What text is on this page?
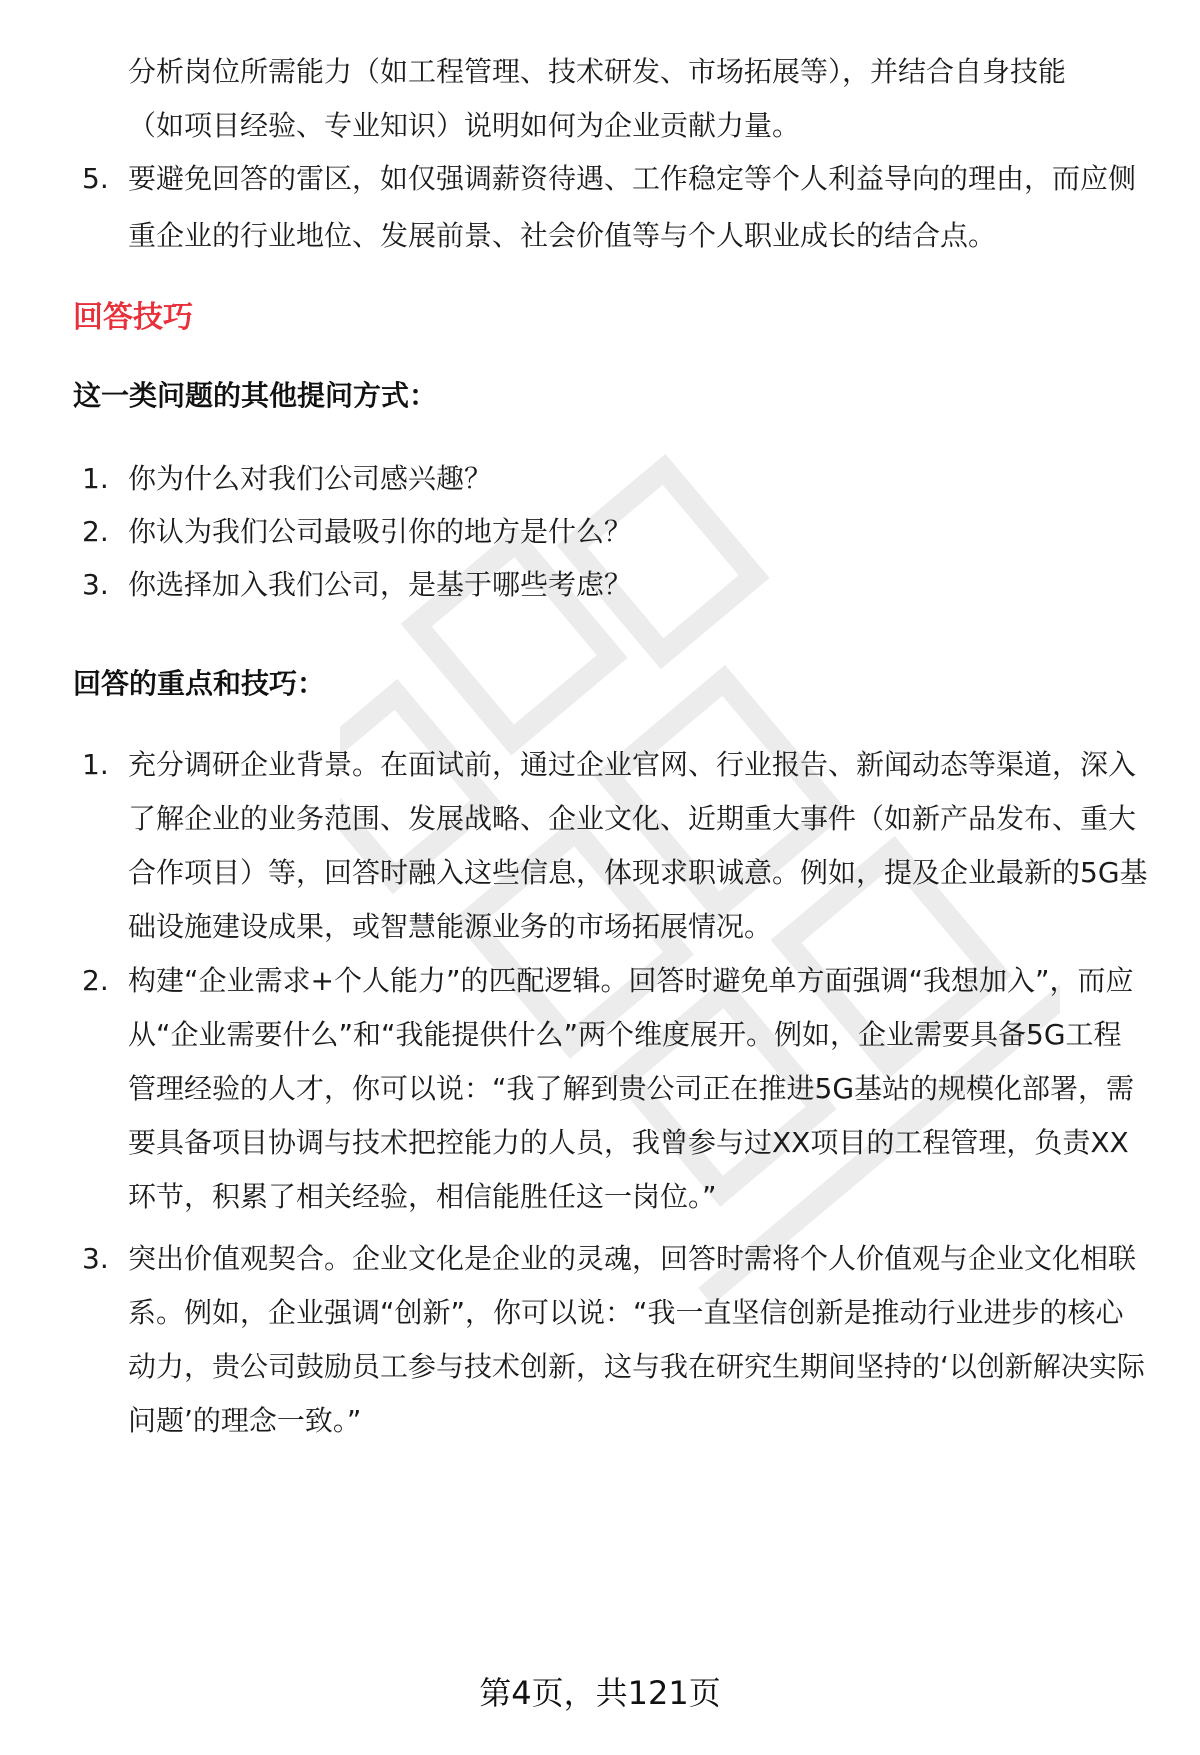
分析岗位所需能力（如工程管理、技术研发、市场拓展等），并结合自身技能
（如项目经验、专业知识）说明如何为企业贡献力量。
5. 要避免回答的雷区，如仅强调薪资待遇、工作稳定等个人利益导向的理由，而应侧重企业的行业地位、发展前景、社会价值等与个人职业成长的结合点。
回答技巧
这一类问题的其他提问方式：
1. 你为什么对我们公司感兴趣？
2. 你认为我们公司最吸引你的地方是什么？
3. 你选择加入我们公司，是基于哪些考虑？
回答的重点和技巧：
1. 充分调研企业背景。在面试前，通过企业官网、行业报告、新闻动态等渠道，深入了解企业的业务范围、发展战略、企业文化、近期重大事件（如新产品发布、重大合作项目）等，回答时融入这些信息，体现求职诚意。例如，提及企业最新的5G基础设施建设成果，或智慧能源业务的市场拓展情况。
2. 构建“企业需求+个人能力”的匹配逻辑。回答时避免单方面强调“我想加入”，而应从“企业需要什么”和“我能提供什么”两个维度展开。例如，企业需要具备5G工程管理经验的人才，你可以说：“我了解到贵公司正在推进5G基站的规模化部署，需要具备项目协调与技术把控能力的人员，我曾参与过XX项目的工程管理，负责XX环节，积累了相关经验，相信能胜任这一岗位。”
3. 突出价值观契合。企业文化是企业的灵魂，回答时需将个人价值观与企业文化相联系。例如，企业强调“创新”，你可以说：“我一直坚信创新是推动行业进步的核心动力，贵公司鼓励员工参与技术创新，这与我在研究生期间坚持的‘以创新解决实际问题’的理念一致。”
第4页，共121页
